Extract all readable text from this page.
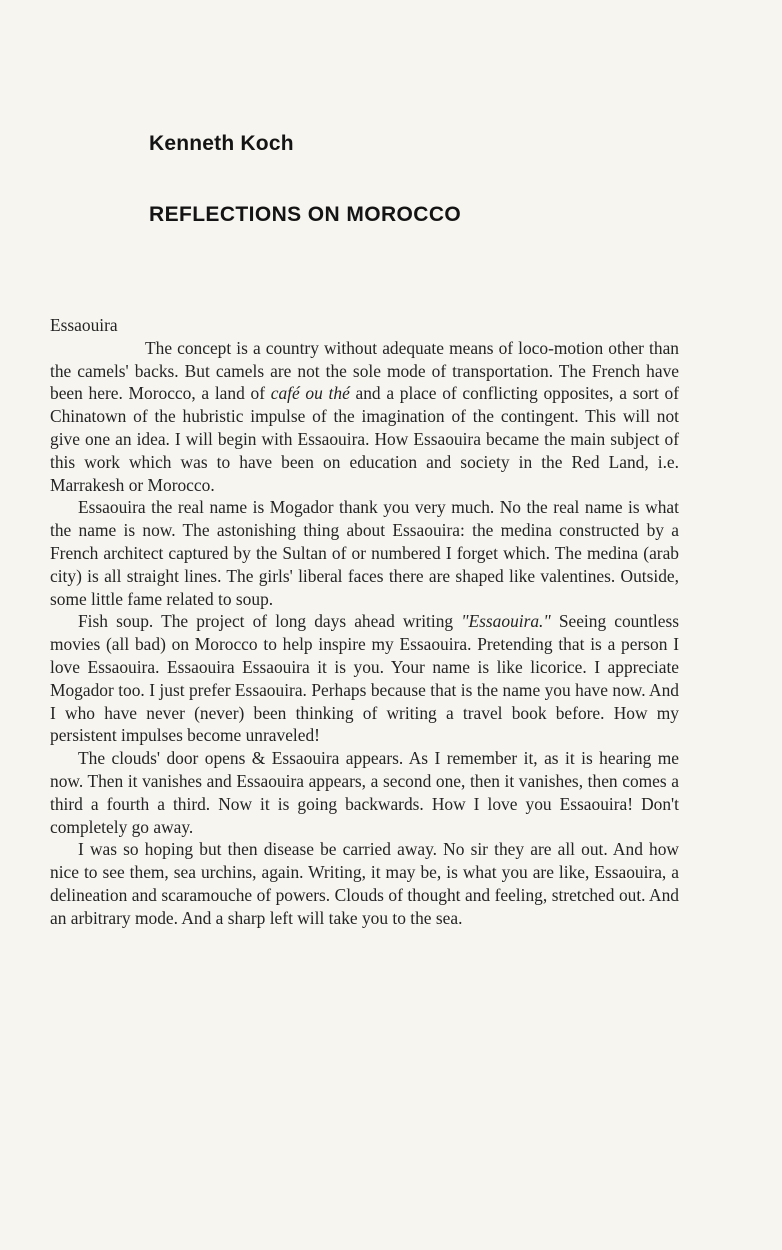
Kenneth Koch
REFLECTIONS ON MOROCCO
Essaouira

The concept is a country without adequate means of loco-motion other than the camels' backs. But camels are not the sole mode of transportation. The French have been here. Morocco, a land of café ou thé and a place of conflicting opposites, a sort of Chinatown of the hubristic impulse of the imagination of the contingent. This will not give one an idea. I will begin with Essaouira. How Essaouira became the main subject of this work which was to have been on education and society in the Red Land, i.e. Marrakesh or Morocco.

Essaouira the real name is Mogador thank you very much. No the real name is what the name is now. The astonishing thing about Essaouira: the medina constructed by a French architect captured by the Sultan of or numbered I forget which. The medina (arab city) is all straight lines. The girls' liberal faces there are shaped like valentines. Outside, some little fame related to soup.

Fish soup. The project of long days ahead writing "Essaouira." Seeing countless movies (all bad) on Morocco to help inspire my Essaouira. Pretending that is a person I love Essaouira. Essaouira Essaouira it is you. Your name is like licorice. I appreciate Mogador too. I just prefer Essaouira. Perhaps because that is the name you have now. And I who have never (never) been thinking of writing a travel book before. How my persistent impulses become unraveled!

The clouds' door opens & Essaouira appears. As I remember it, as it is hearing me now. Then it vanishes and Essaouira appears, a second one, then it vanishes, then comes a third a fourth a third. Now it is going backwards. How I love you Essaouira! Don't completely go away.

I was so hoping but then disease be carried away. No sir they are all out. And how nice to see them, sea urchins, again. Writing, it may be, is what you are like, Essaouira, a delineation and scaramouche of powers. Clouds of thought and feeling, stretched out. And an arbitrary mode. And a sharp left will take you to the sea.
